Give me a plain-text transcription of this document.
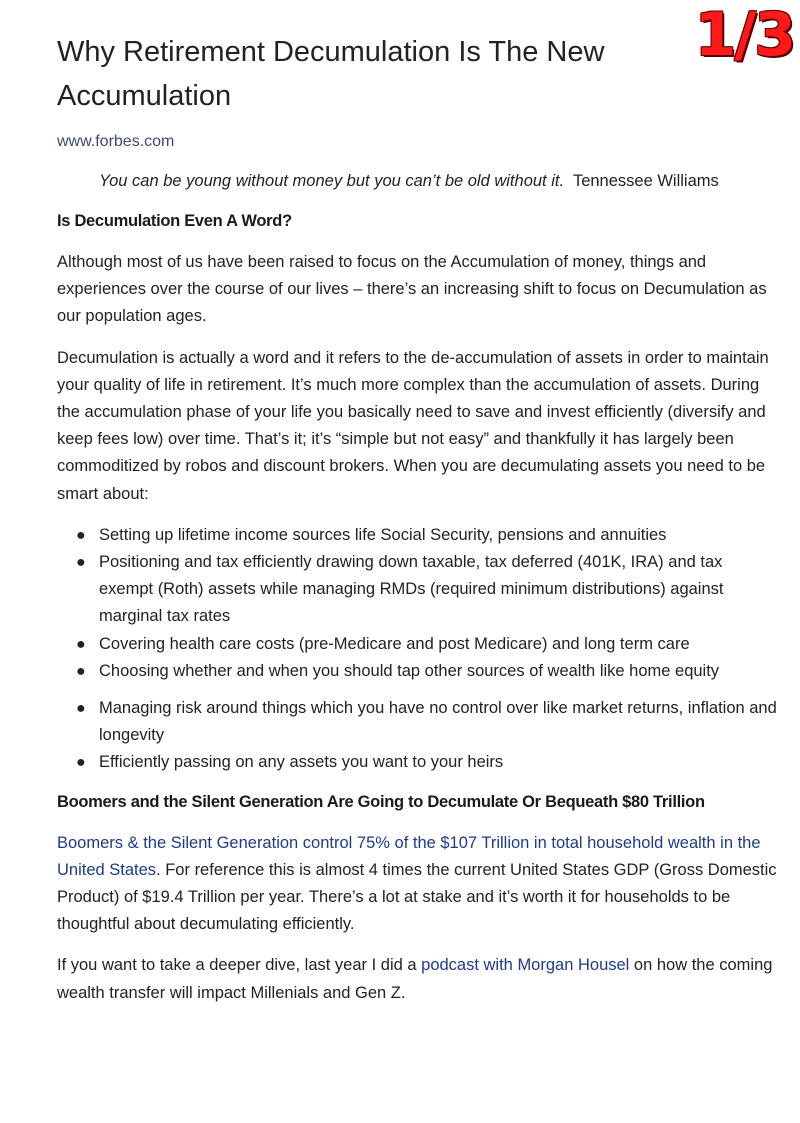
1/3
Why Retirement Decumulation Is The New Accumulation
www.forbes.com
You can be young without money but you can’t be old without it. Tennessee Williams
Is Decumulation Even A Word?

Although most of us have been raised to focus on the Accumulation of money, things and experiences over the course of our lives – there’s an increasing shift to focus on Decumulation as our population ages.

Decumulation is actually a word and it refers to the de-accumulation of assets in order to maintain your quality of life in retirement. It’s much more complex than the accumulation of assets. During the accumulation phase of your life you basically need to save and invest efficiently (diversify and keep fees low) over time. That’s it; it’s “simple but not easy” and thankfully it has largely been commoditized by robos and discount brokers. When you are decumulating assets you need to be smart about:

● Setting up lifetime income sources life Social Security, pensions and annuities
● Positioning and tax efficiently drawing down taxable, tax deferred (401K, IRA) and tax exempt (Roth) assets while managing RMDs (required minimum distributions) against marginal tax rates
● Covering health care costs (pre-Medicare and post Medicare) and long term care
● Choosing whether and when you should tap other sources of wealth like home equity
● Managing risk around things which you have no control over like market returns, inflation and longevity
● Efficiently passing on any assets you want to your heirs
Boomers and the Silent Generation Are Going to Decumulate Or Bequeath $80 Trillion

Boomers & the Silent Generation control 75% of the $107 Trillion in total household wealth in the United States. For reference this is almost 4 times the current United States GDP (Gross Domestic Product) of $19.4 Trillion per year. There’s a lot at stake and it’s worth it for households to be thoughtful about decumulating efficiently.

If you want to take a deeper dive, last year I did a podcast with Morgan Housel on how the coming wealth transfer will impact Millenials and Gen Z.
